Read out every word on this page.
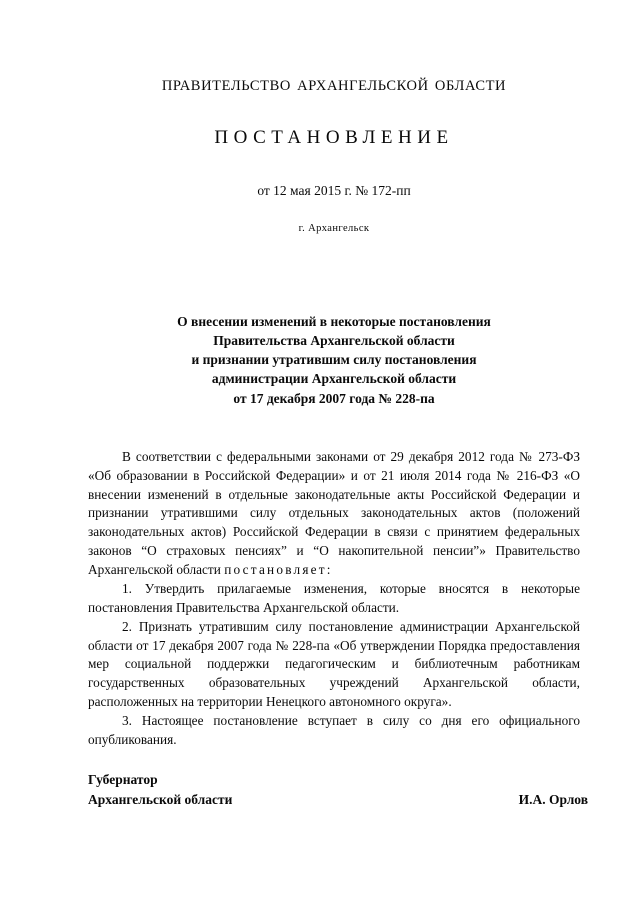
ПРАВИТЕЛЬСТВО АРХАНГЕЛЬСКОЙ ОБЛАСТИ
ПОСТАНОВЛЕНИЕ
от 12 мая 2015 г. № 172-пп
г. Архангельск
О внесении изменений в некоторые постановления
Правительства Архангельской области
и признании утратившим силу постановления
администрации Архангельской области
от 17 декабря 2007 года № 228-па

В соответствии с федеральными законами от 29 декабря 2012 года № 273-ФЗ «Об образовании в Российской Федерации» и от 21 июля 2014 года № 216-ФЗ «О внесении изменений в отдельные законодательные акты Российской Федерации и признании утратившими силу отдельных законодательных актов (положений законодательных актов) Российской Федерации в связи с принятием федеральных законов “О страховых пенсиях” и “О накопительной пенсии”» Правительство Архангельской области постановляет:

1. Утвердить прилагаемые изменения, которые вносятся в некоторые постановления Правительства Архангельской области.

2. Признать утратившим силу постановление администрации Архангельской области от 17 декабря 2007 года № 228-па «Об утверждении Порядка предоставления мер социальной поддержки педагогическим и библиотечным работникам государственных образовательных учреждений Архангельской области, расположенных на территории Ненецкого автономного округа».

3. Настоящее постановление вступает в силу со дня его официального опубликования.

Губернатор
Архангельской области	И.А. Орлов
